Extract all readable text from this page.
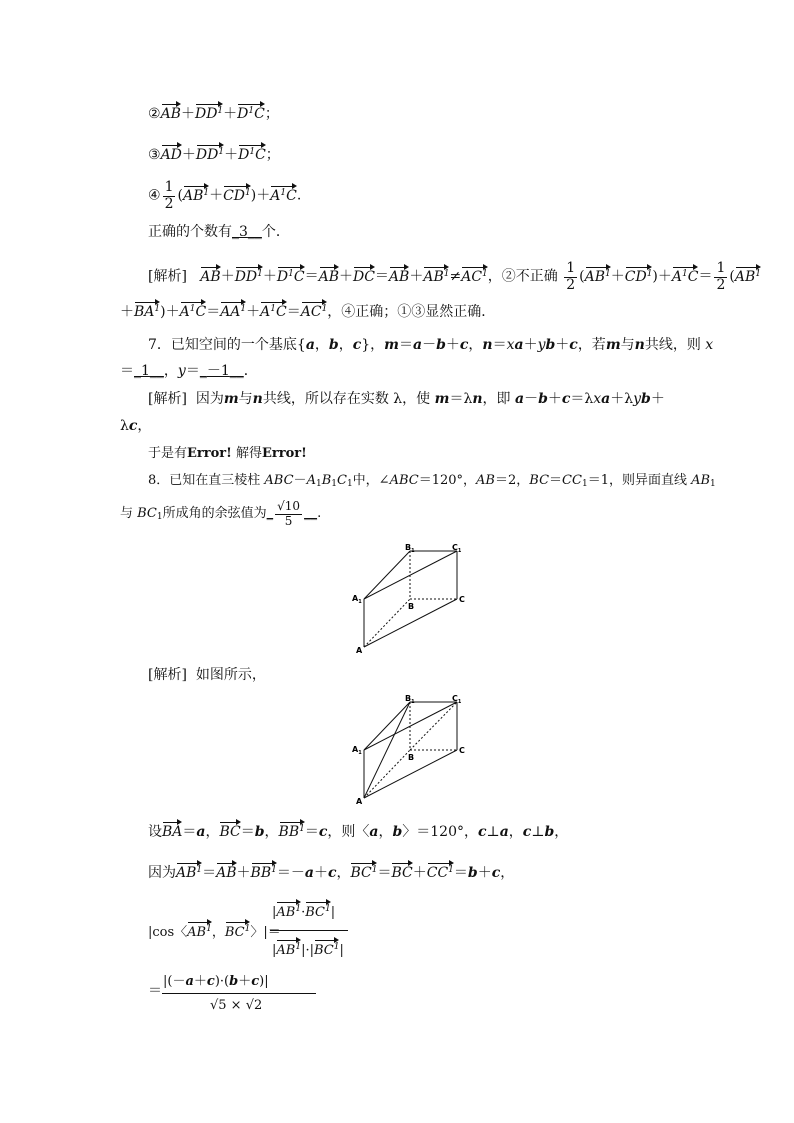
$②AB+DD^1+D^1C$；
$③AD+DD^1+D^1C$；
④ $\frac{1}{2} (AB^1+CD^1)+A^1C$.
正确的个数有_3__个．
[解析] $AB+DD^1+D^1C=AB+DC=AB+AB^1\ne AC^1$，②不正确 $\frac{1}{2} (AB^1+CD^1)+A^1C= \frac{1}{2} (AB^1$
$+BA^1)+A^1C=AA^1+A^1C=AC^1$，④正确；①③显然正确．
7．已知空间的一个基底{a，b，c}，m＝a－b＋c，n＝xa＋yb＋c，若m与n共线，则 x
＝_1__，y＝_－1__．
[解析]  因为m与n共线，所以存在实数 λ，使 m＝λn，即 a－b＋c＝λxa＋λyb＋
λc，
于是有Error! 解得Error!
8．已知在直三棱柱 $ABC-A_1B_1C_1$中，∠ABC＝120°，AB＝2，$BC=CC_1=1$，则异面直线 $AB_1$
与 $BC_1$所成角的余弦值为_ $\frac{√10}{5}$ __.
$B_1$	$C_1$
$A_1$	B
C
A
[解析] 如图所示，
$B_1$	$C_1$
$A_1$	B
C
A
设BA＝a，BC＝b，$BB^1=c$，则〈a，b〉＝120°，c⊥a，c⊥b，
因为$AB^1=AB+BB^1=-a+c$，$BC^1=BC+CC^1=b+c$，
|cos〈$AB^1$，$BC^1$〉|＝
$|AB^1\cdot BC^1|$
$|AB^1|\cdot|BC^1|$
＝
|(－a＋c)·(b＋c)|
√5 × √2
